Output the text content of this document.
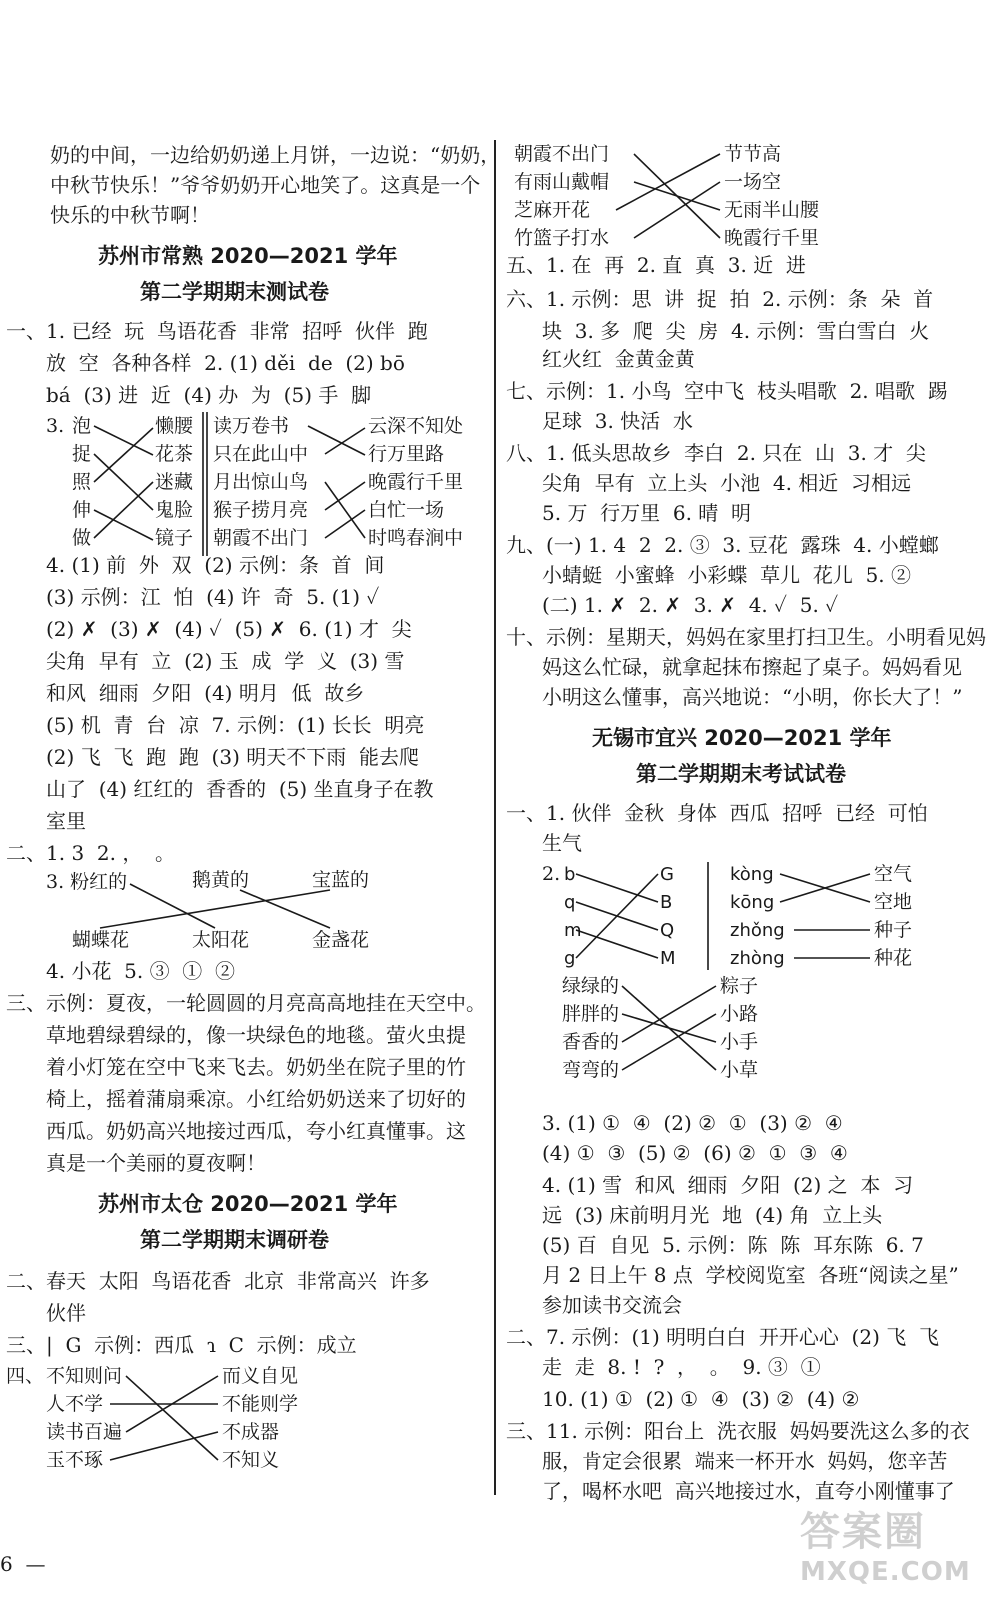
奶的中间，一边给奶奶递上月饼，一边说：“奶奶，
中秋节快乐！”爷爷奶奶开心地笑了。这真是一个
快乐的中秋节啊！
苏州市常熟 2020—2021 学年
第二学期期末测试卷
一、1. 已经  玩  鸟语花香  非常  招呼  伙伴  跑
放  空  各种各样  2. (1) děi  de  (2) bō
bá  (3) 进  近  (4) 办  为  (5) 手  脚
3. 泡
捉
照
伸
做
懒腰
花茶
迷藏
鬼脸
镜子
读万卷书
只在此山中
月出惊山鸟
猴子捞月亮
朝霞不出门
云深不知处
行万里路
晚霞行千里
白忙一场
时鸣春涧中
4. (1) 前  外  双  (2) 示例：条  首  间
(3) 示例：江  怕  (4) 许  奇  5. (1) ✓
(2) ✗  (3) ✗  (4) ✓  (5) ✗  6. (1) 才  尖
尖角  早有  立  (2) 玉  成  学  义  (3) 雪
和风  细雨  夕阳  (4) 明月  低  故乡
(5) 机  青  台  凉  7. 示例：(1) 长长  明亮
(2) 飞  飞  跑  跑  (3) 明天不下雨  能去爬
山了  (4) 红红的  香香的  (5) 坐直身子在教
室里
二、1. 3  2. ，  。
3. 粉红的	鹅黄的	宝蓝的
蝴蝶花	太阳花	金盏花
4. 小花  5. ③  ①  ②
三、示例：夏夜，一轮圆圆的月亮高高地挂在天空中。
草地碧绿碧绿的，像一块绿色的地毯。萤火虫提
着小灯笼在空中飞来飞去。奶奶坐在院子里的竹
椅上，摇着蒲扇乘凉。小红给奶奶送来了切好的
西瓜。奶奶高兴地接过西瓜，夸小红真懂事。这
真是一个美丽的夏夜啊！
苏州市太仓 2020—2021 学年
第二学期期末调研卷
二、春天  太阳  鸟语花香  北京  非常高兴  许多
伙伴
三、|  G  示例：西瓜  ɿ  C  示例：成立
四、 不知则问
人不学
读书百遍
玉不琢
而义自见
不能则学
不成器
不知义
6  —
朝霞不出门
有雨山戴帽
芝麻开花
竹篮子打水
节节高
一场空
无雨半山腰
晚霞行千里
五、1. 在  再  2. 直  真  3. 近  进
六、1. 示例：思  讲  捉  拍  2. 示例：条  朵  首
块  3. 多  爬  尖  房  4. 示例：雪白雪白  火
红火红  金黄金黄
七、示例：1. 小鸟  空中飞  枝头唱歌  2. 唱歌  踢
足球  3. 快活  水
八、1. 低头思故乡  李白  2. 只在  山  3. 才  尖
尖角  早有  立上头  小池  4. 相近  习相远
5. 万  行万里  6. 晴  明
九、(一) 1. 4  2  2. ③  3. 豆花  露珠  4. 小螳螂
小蜻蜓  小蜜蜂  小彩蝶  草儿  花儿  5. ②
(二) 1. ✗  2. ✗  3. ✗  4. ✓  5. ✓
十、示例：星期天，妈妈在家里打扫卫生。小明看见妈
妈这么忙碌，就拿起抹布擦起了桌子。妈妈看见
小明这么懂事，高兴地说：“小明，你长大了！”
无锡市宜兴 2020—2021 学年
第二学期期末考试试卷
一、1. 伙伴  金秋  身体  西瓜  招呼  已经  可怕
生气
2. b
q
m
g
G
B
Q
M
kòng
kōng
zhǒng
zhòng
空气
空地
种子
种花
绿绿的
胖胖的
香香的
弯弯的
粽子
小路
小手
小草
3. (1) ①  ④  (2) ②  ①  (3) ②  ④
(4) ①  ③  (5) ②  (6) ②  ①  ③  ④
4. (1) 雪  和风  细雨  夕阳  (2) 之  本  习
远  (3) 床前明月光  地  (4) 角  立上头
(5) 百  自见  5. 示例：陈  陈  耳东陈  6. 7
月 2 日上午 8 点  学校阅览室  各班“阅读之星”
参加读书交流会
二、7. 示例：(1) 明明白白  开开心心  (2) 飞  飞
走  走  8. !  ?  ，  。  9. ③  ①
10. (1) ①  (2) ①  ④  (3) ②  (4) ②
三、11. 示例：阳台上  洗衣服  妈妈要洗这么多的衣
服，肯定会很累  端来一杯开水  妈妈，您辛苦
了，喝杯水吧  高兴地接过水，直夸小刚懂事了
答案圈
MXQE.COM
